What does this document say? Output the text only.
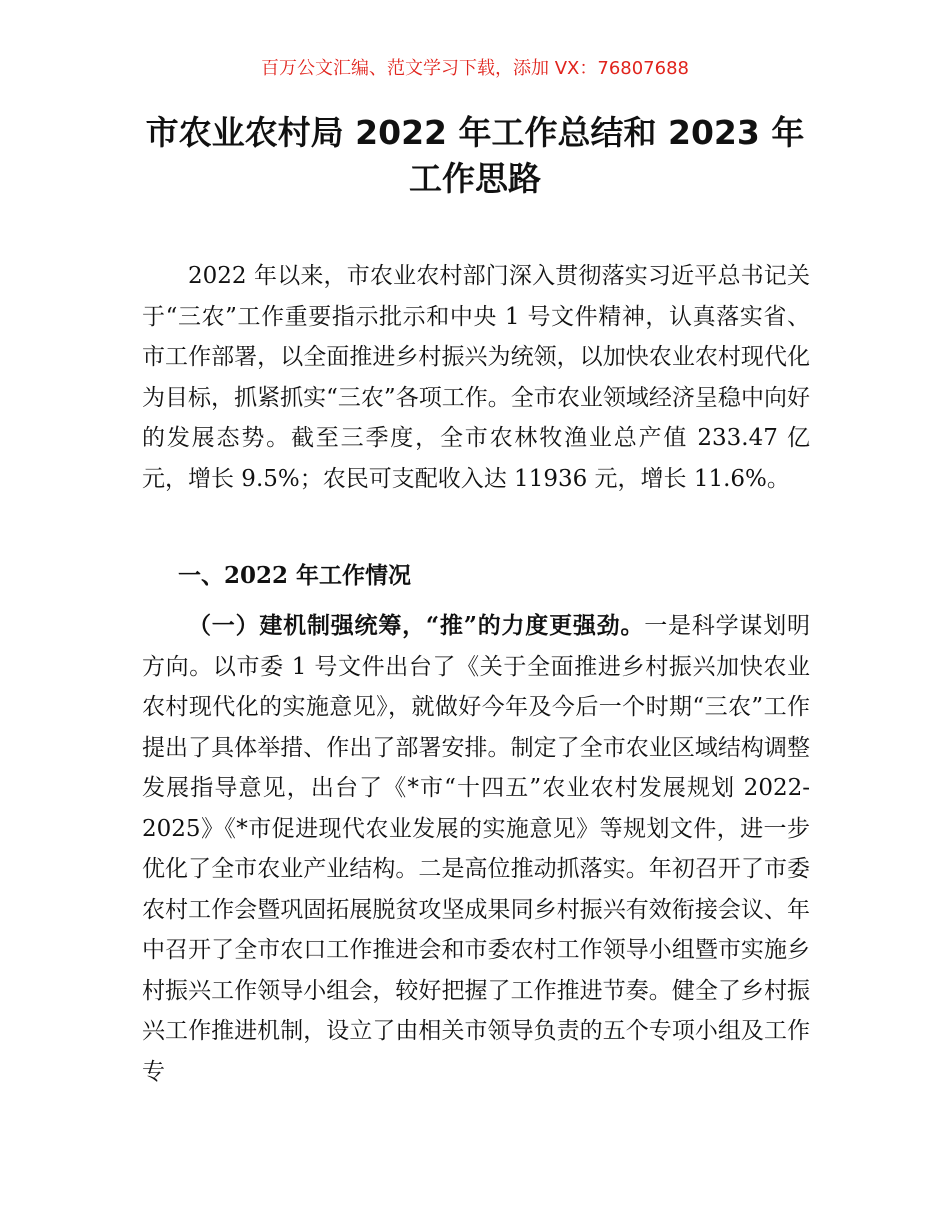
百万公文汇编、范文学习下载，添加 VX：76807688
市农业农村局 2022 年工作总结和 2023 年
工作思路

2022 年以来，市农业农村部门深入贯彻落实习近平总书记关于“三农”工作重要指示批示和中央 1 号文件精神，认真落实省、市工作部署，以全面推进乡村振兴为统领，以加快农业农村现代化为目标，抓紧抓实“三农”各项工作。全市农业领域经济呈稳中向好的发展态势。截至三季度，全市农林牧渔业总产值 233.47 亿元，增长 9.5%；农民可支配收入达 11936 元，增长 11.6%。

一、2022 年工作情况

（一）建机制强统筹，“推”的力度更强劲。一是科学谋划明方向。以市委 1 号文件出台了《关于全面推进乡村振兴加快农业农村现代化的实施意见》，就做好今年及今后一个时期“三农”工作提出了具体举措、作出了部署安排。制定了全市农业区域结构调整发展指导意见，出台了《*市“十四五”农业农村发展规划 2022-2025》《*市促进现代农业发展的实施意见》等规划文件，进一步优化了全市农业产业结构。二是高位推动抓落实。年初召开了市委农村工作会暨巩固拓展脱贫攻坚成果同乡村振兴有效衔接会议、年中召开了全市农口工作推进会和市委农村工作领导小组暨市实施乡村振兴工作领导小组会，较好把握了工作推进节奏。健全了乡村振兴工作推进机制，设立了由相关市领导负责的五个专项小组及工作专
